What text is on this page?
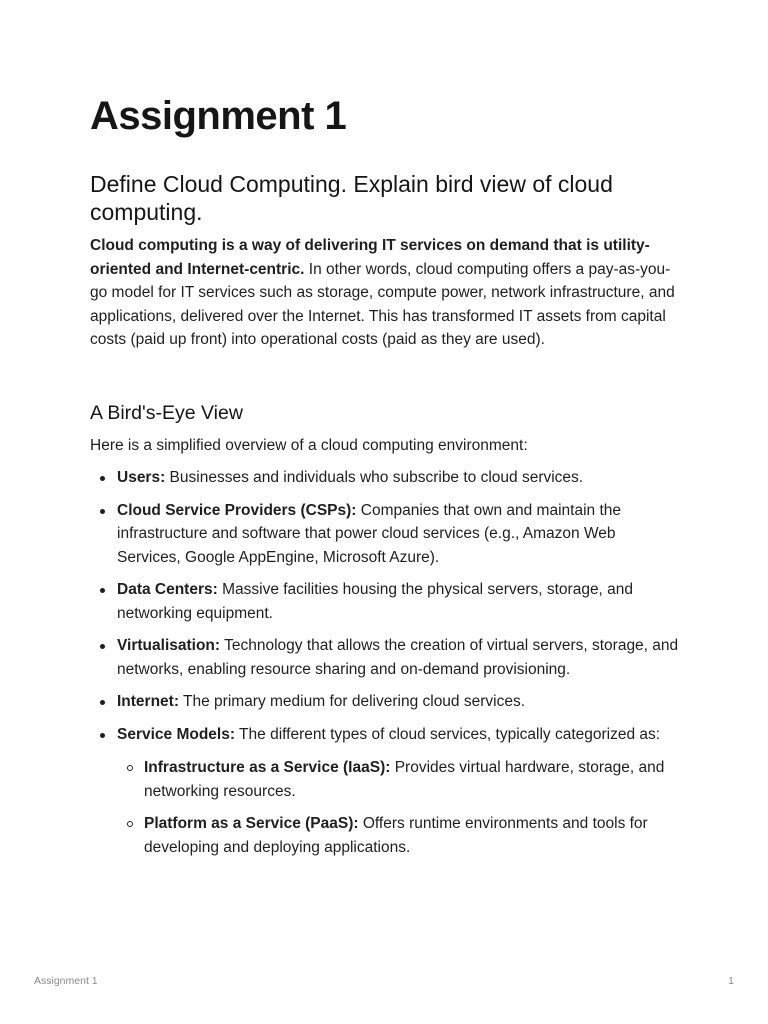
Assignment 1
Define Cloud Computing. Explain bird view of cloud computing.

Cloud computing is a way of delivering IT services on demand that is utility-oriented and Internet-centric. In other words, cloud computing offers a pay-as-you-go model for IT services such as storage, compute power, network infrastructure, and applications, delivered over the Internet. This has transformed IT assets from capital costs (paid up front) into operational costs (paid as they are used).

A Bird's-Eye View

Here is a simplified overview of a cloud computing environment:

Users: Businesses and individuals who subscribe to cloud services.
Cloud Service Providers (CSPs): Companies that own and maintain the infrastructure and software that power cloud services (e.g., Amazon Web Services, Google AppEngine, Microsoft Azure).
Data Centers: Massive facilities housing the physical servers, storage, and networking equipment.
Virtualisation: Technology that allows the creation of virtual servers, storage, and networks, enabling resource sharing and on-demand provisioning.
Internet: The primary medium for delivering cloud services.
Service Models: The different types of cloud services, typically categorized as:
Infrastructure as a Service (IaaS): Provides virtual hardware, storage, and networking resources.
Platform as a Service (PaaS): Offers runtime environments and tools for developing and deploying applications.
Assignment 1	1
